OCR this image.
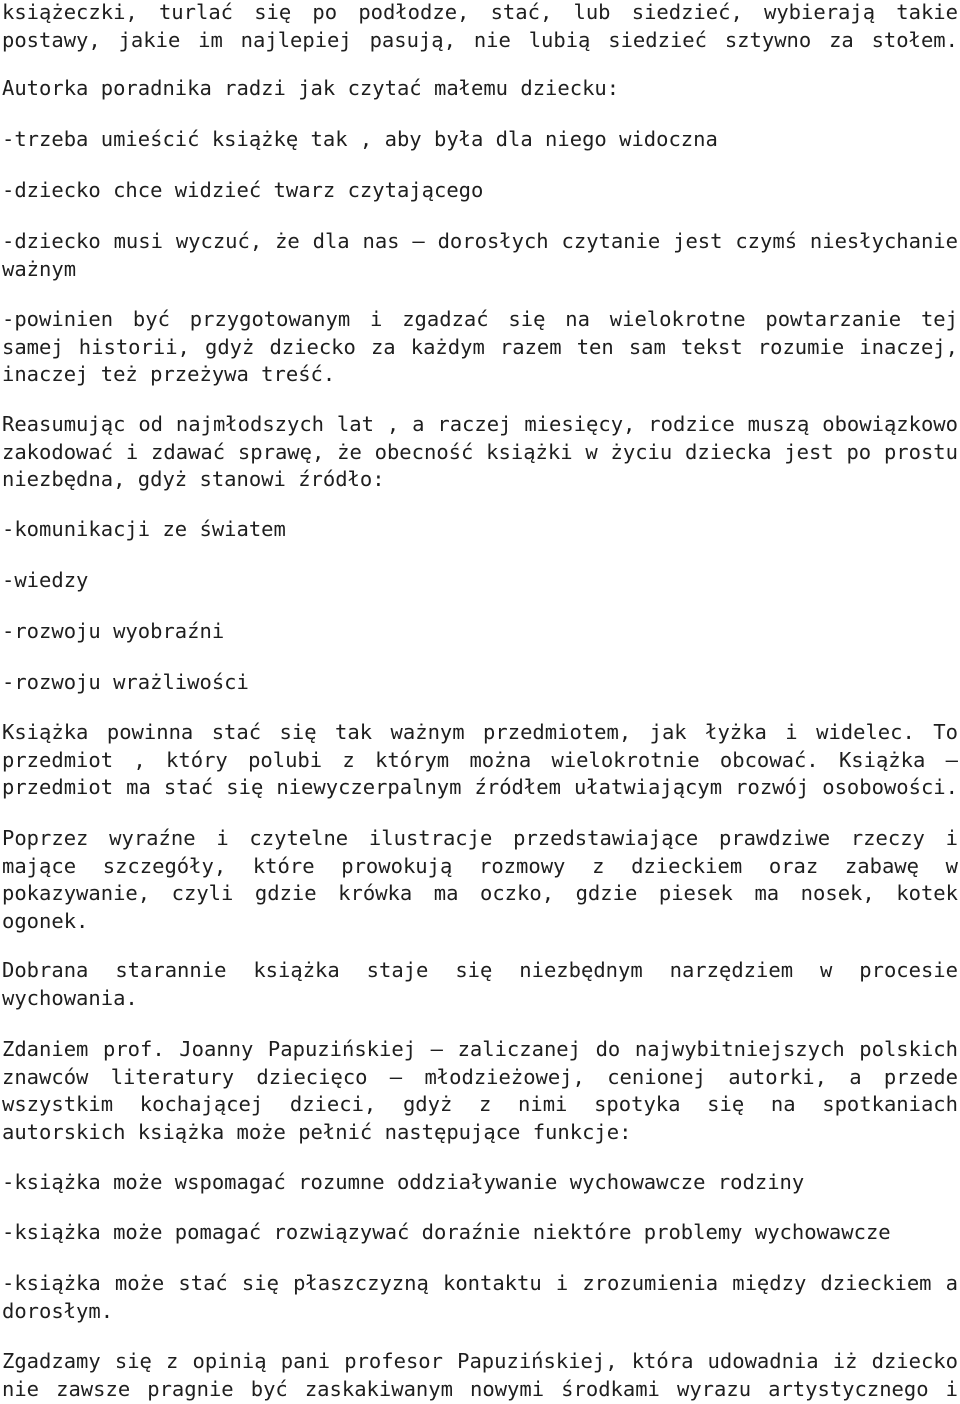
książeczki, turlać się po podłodze, stać, lub siedzieć, wybierają takie
postawy, jakie im najlepiej pasują, nie lubią siedzieć sztywno za stołem.
Autorka poradnika radzi jak czytać małemu dziecku:
-trzeba umieścić książkę tak , aby była dla niego widoczna
-dziecko chce widzieć twarz czytającego
-dziecko musi wyczuć, że dla nas – dorosłych czytanie jest czymś niesłychanie
ważnym
-powinien być przygotowanym i zgadzać się na wielokrotne powtarzanie tej
samej historii, gdyż dziecko za każdym razem ten sam tekst rozumie inaczej,
inaczej też przeżywa treść.
Reasumując od najmłodszych lat , a raczej miesięcy, rodzice muszą obowiązkowo
zakodować i zdawać sprawę, że obecność książki w życiu dziecka jest po prostu
niezbędna, gdyż stanowi źródło:
-komunikacji ze światem
-wiedzy
-rozwoju wyobraźni
-rozwoju wrażliwości
Książka powinna stać się tak ważnym przedmiotem, jak łyżka i widelec. To
przedmiot , który polubi z którym można wielokrotnie obcować. Książka –
przedmiot ma stać się niewyczerpalnym źródłem ułatwiającym rozwój osobowości.
Poprzez wyraźne i czytelne ilustracje przedstawiające prawdziwe rzeczy i
mające szczegóły, które prowokują rozmowy z dzieckiem oraz zabawę w
pokazywanie, czyli gdzie krówka ma oczko, gdzie piesek ma nosek, kotek
ogonek.
Dobrana starannie książka staje się niezbędnym narzędziem w procesie
wychowania.
Zdaniem prof. Joanny Papuzińskiej – zaliczanej do najwybitniejszych polskich
znawców literatury dziecięco – młodzieżowej, cenionej autorki, a przede
wszystkim kochającej dzieci, gdyż z nimi spotyka się na spotkaniach
autorskich książka może pełnić następujące funkcje:
-książka może wspomagać rozumne oddziaływanie wychowawcze rodziny
-książka może pomagać rozwiązywać doraźnie niektóre problemy wychowawcze
-książka może stać się płaszczyzną kontaktu i zrozumienia między dzieckiem a
dorosłym.
Zgadzamy się z opinią pani profesor Papuzińskiej, która udowadnia iż dziecko
nie zawsze pragnie być zaskakiwanym nowymi środkami wyrazu artystycznego i
